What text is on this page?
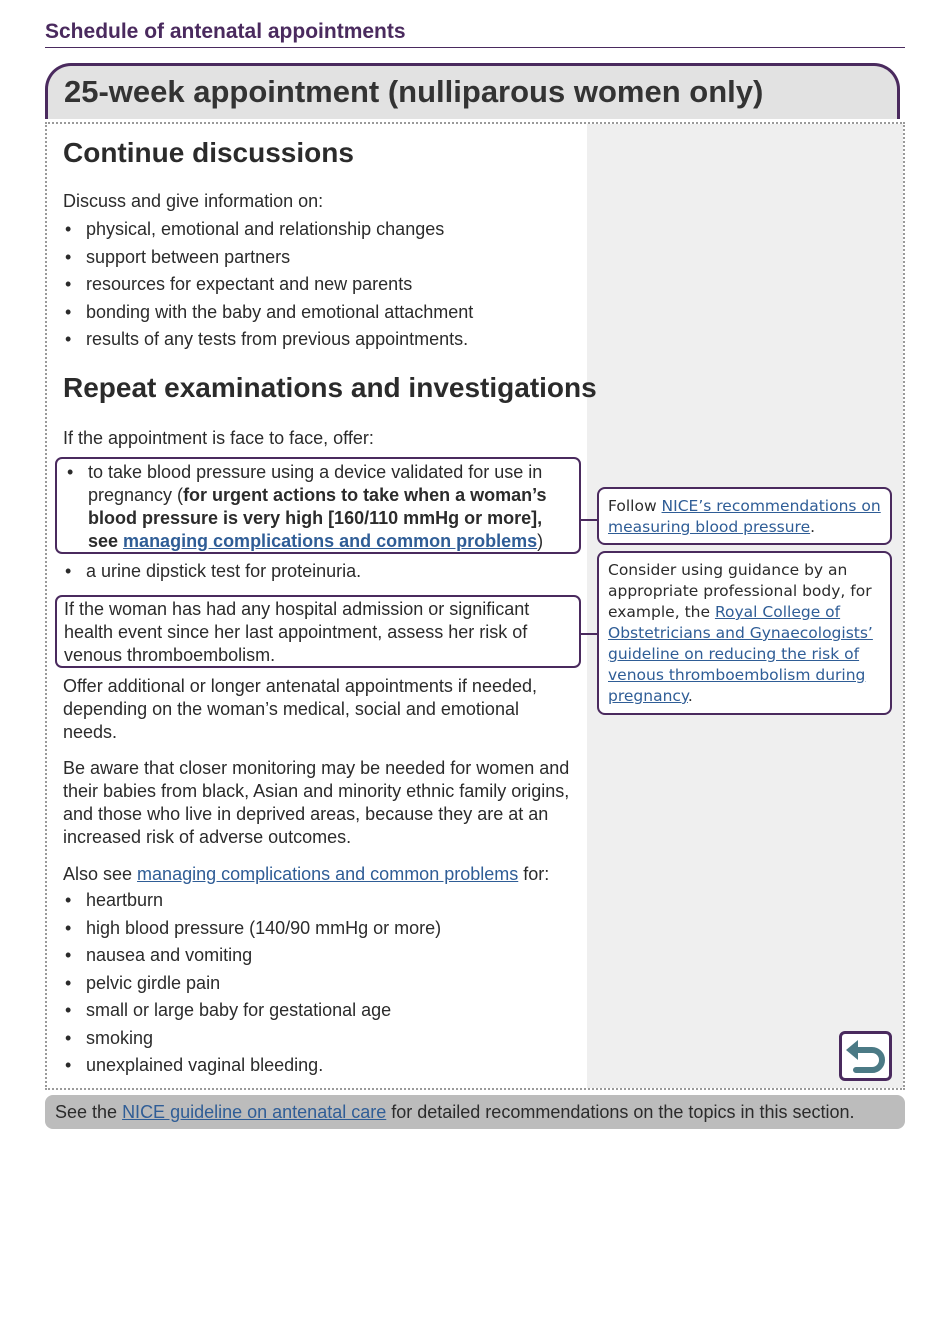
Schedule of antenatal appointments
25-week appointment (nulliparous women only)
Continue discussions

Discuss and give information on:

• physical, emotional and relationship changes
• support between partners
• resources for expectant and new parents
• bonding with the baby and emotional attachment
• results of any tests from previous appointments.
Repeat examinations and investigations

If the appointment is face to face, offer:

• to take blood pressure using a device validated for use in pregnancy (for urgent actions to take when a woman’s blood pressure is very high [160/110 mmHg or more], see managing complications and common problems)
• a urine dipstick test for proteinuria.
If the woman has had any hospital admission or significant health event since her last appointment, assess her risk of venous thromboembolism.

Offer additional or longer antenatal appointments if needed, depending on the woman’s medical, social and emotional needs.

Be aware that closer monitoring may be needed for women and their babies from black, Asian and minority ethnic family origins, and those who live in deprived areas, because they are at an increased risk of adverse outcomes.

Also see managing complications and common problems for:

• heartburn
• high blood pressure (140/90 mmHg or more)
• nausea and vomiting
• pelvic girdle pain
• small or large baby for gestational age
• smoking
• unexplained vaginal bleeding.
Follow NICE’s recommendations on measuring blood pressure.
Consider using guidance by an appropriate professional body, for example, the Royal College of Obstetricians and Gynaecologists’ guideline on reducing the risk of venous thromboembolism during pregnancy.
See the NICE guideline on antenatal care for detailed recommendations on the topics in this section.
